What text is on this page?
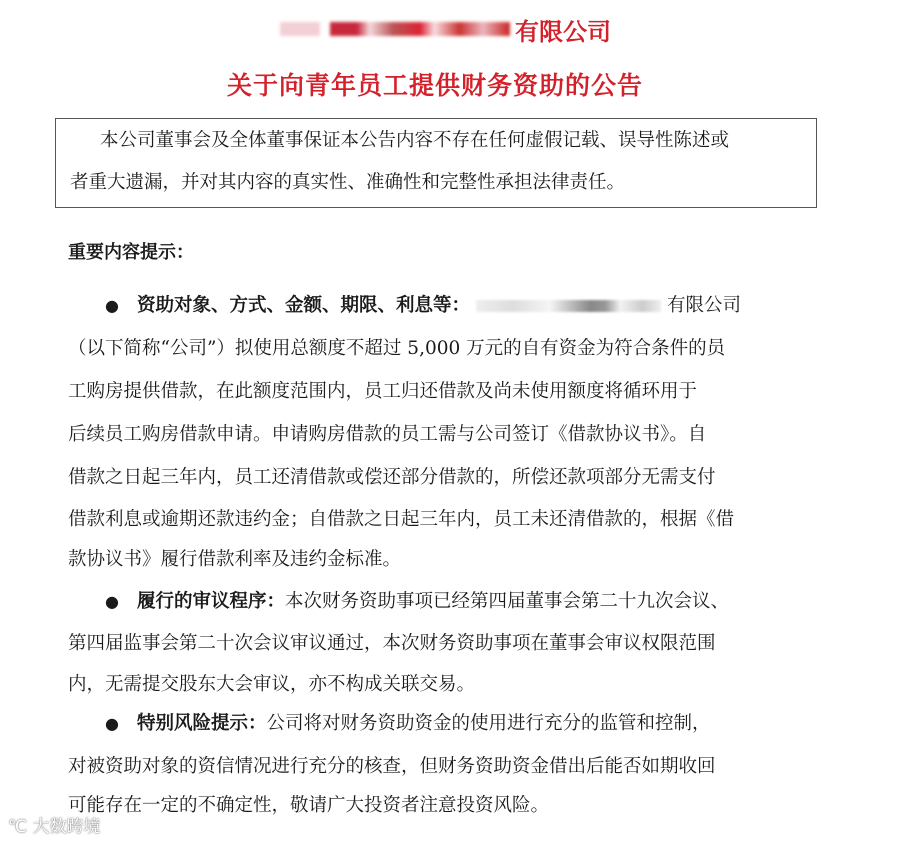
有限公司
关于向青年员工提供财务资助的公告
本公司董事会及全体董事保证本公告内容不存在任何虚假记载、误导性陈述或
者重大遗漏，并对其内容的真实性、准确性和完整性承担法律责任。
重要内容提示：
● 资助对象、方式、金额、期限、利息等：	有限公司
（以下简称“公司”）拟使用总额度不超过 5,000 万元的自有资金为符合条件的员
工购房提供借款，在此额度范围内，员工归还借款及尚未使用额度将循环用于
后续员工购房借款申请。申请购房借款的员工需与公司签订《借款协议书》。自
借款之日起三年内，员工还清借款或偿还部分借款的，所偿还款项部分无需支付
借款利息或逾期还款违约金；自借款之日起三年内，员工未还清借款的，根据《借
款协议书》履行借款利率及违约金标准。
● 履行的审议程序：本次财务资助事项已经第四届董事会第二十九次会议、
第四届监事会第二十次会议审议通过，本次财务资助事项在董事会审议权限范围
内，无需提交股东大会审议，亦不构成关联交易。
● 特别风险提示：公司将对财务资助资金的使用进行充分的监管和控制，
对被资助对象的资信情况进行充分的核查，但财务资助资金借出后能否如期收回
可能存在一定的不确定性，敬请广大投资者注意投资风险。
℃ 大数跨境
